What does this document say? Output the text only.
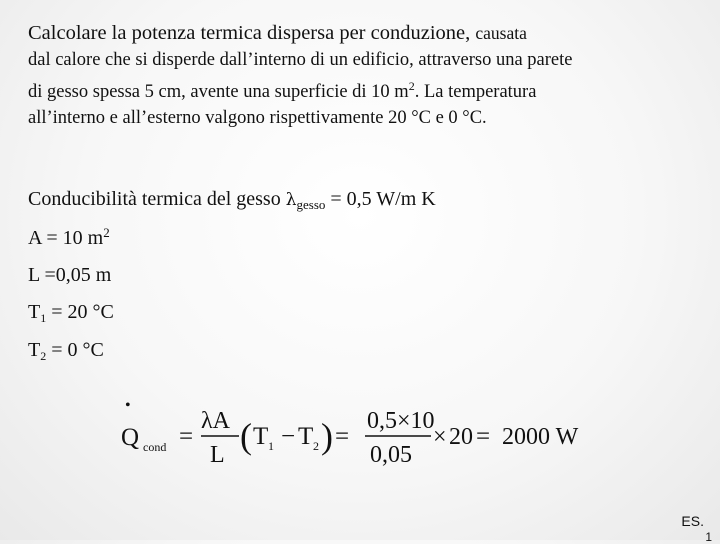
Calcolare la potenza termica dispersa per conduzione, causata
dal calore che si disperde dall’interno di un edificio, attraverso una parete
di gesso spessa 5 cm, avente una superficie di 10 $m^2$. La temperatura
all’interno e all’esterno valgono rispettivamente 20 °C e 0 °C.

Conducibilità termica del gesso $\lambda_{gesso} = 0,5$ W/m K

A = 10 $m^2$

L =0,05 m

$T_1 = 20$ °C

$T_2 = 0$ °C

•
Q cond =
λA
L ( T 1 − T 2 ) =
0,5×10
0,05
× 20 = 2000 W
ES.
1
